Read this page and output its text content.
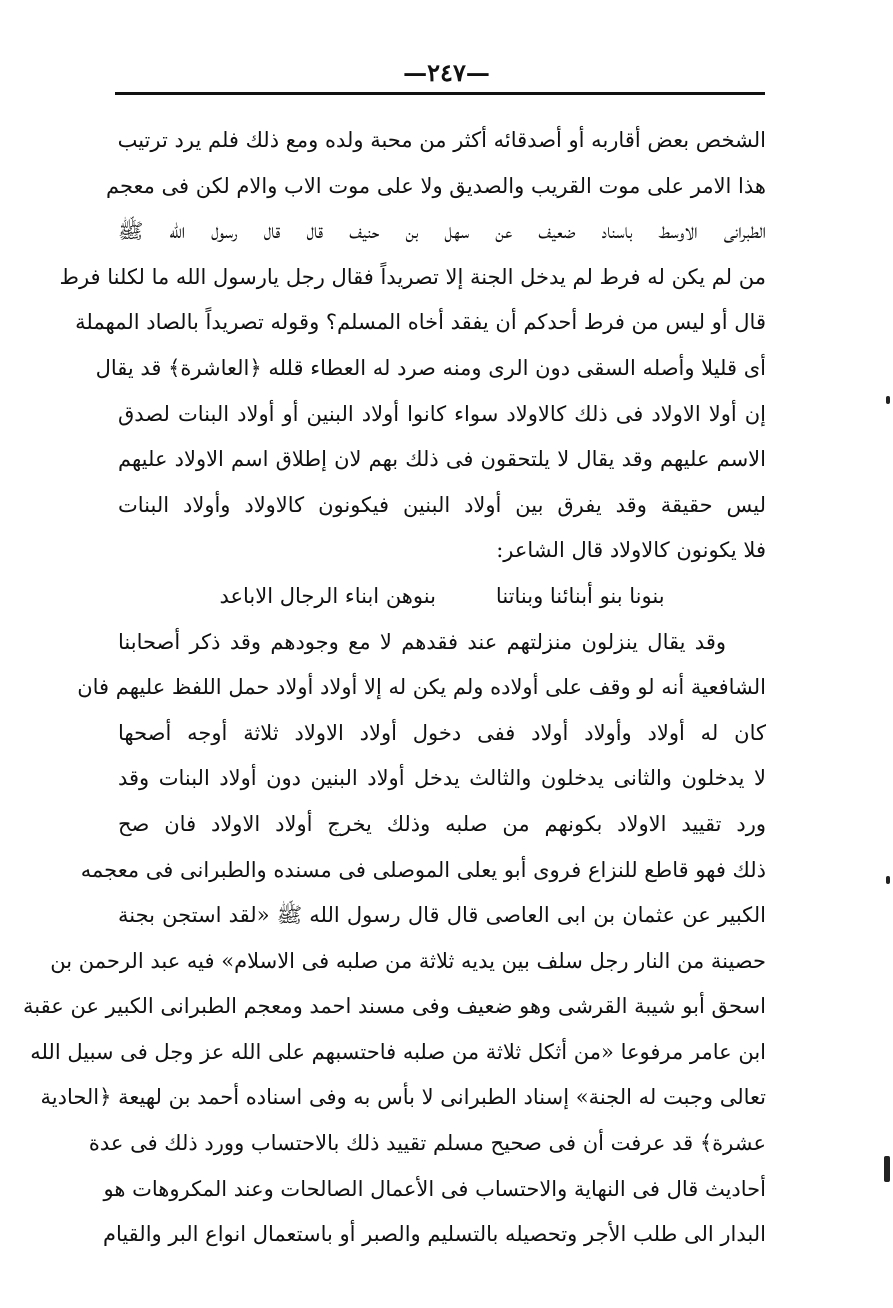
—٢٤٧—
الشخص بعض أقاربه أو أصدقائه أكثر من محبة ولده ومع ذلك فلم يرد ترتيب
هذا الامر على موت القريب والصديق ولا على موت الاب والام لكن فى معجم
الطبرانى الاوسط باسناد ضعيف عن سهل بن حنيف قال قال رسول الله ﷺ
من لم يكن له فرط لم يدخل الجنة إلا تصريداً فقال رجل يارسول الله ما لكلنا فرط
قال أو ليس من فرط أحدكم أن يفقد أخاه المسلم؟ وقوله تصريداً بالصاد المهملة
أى قليلا وأصله السقى دون الرى ومنه صرد له العطاء قلله ﴿العاشرة﴾ قد يقال
إن أولا الاولاد فى ذلك كالاولاد سواء كانوا أولاد البنين أو أولاد البنات لصدق
الاسم عليهم وقد يقال لا يلتحقون فى ذلك بهم لان إطلاق اسم الاولاد عليهم
ليس حقيقة وقد يفرق بين أولاد البنين فيكونون كالاولاد وأولاد البنات
فلا يكونون كالاولاد قال الشاعر:
بنونا بنو أبنائنا وبناتنا
بنوهن ابناء الرجال الاباعد
وقد يقال ينزلون منزلتهم عند فقدهم لا مع وجودهم وقد ذكر أصحابنا
الشافعية أنه لو وقف على أولاده ولم يكن له إلا أولاد أولاد حمل اللفظ عليهم فان
كان له أولاد وأولاد أولاد ففى دخول أولاد الاولاد ثلاثة أوجه أصحها
لا يدخلون والثانى يدخلون والثالث يدخل أولاد البنين دون أولاد البنات وقد
ورد تقييد الاولاد بكونهم من صلبه وذلك يخرج أولاد الاولاد فان صح
ذلك فهو قاطع للنزاع فروى أبو يعلى الموصلى فى مسنده والطبرانى فى معجمه
الكبير عن عثمان بن ابى العاصى قال قال رسول الله ﷺ «لقد استجن بجنة
حصينة من النار رجل سلف بين يديه ثلاثة من صلبه فى الاسلام» فيه عبد الرحمن بن
اسحق أبو شيبة القرشى وهو ضعيف وفى مسند احمد ومعجم الطبرانى الكبير عن عقبة
ابن عامر مرفوعا «من أثكل ثلاثة من صلبه فاحتسبهم على الله عز وجل فى سبيل الله
تعالى وجبت له الجنة» إسناد الطبرانى لا بأس به وفى اسناده أحمد بن لهيعة ﴿الحادية
عشرة﴾ قد عرفت أن فى صحيح مسلم تقييد ذلك بالاحتساب وورد ذلك فى عدة
أحاديث قال فى النهاية والاحتساب فى الأعمال الصالحات وعند المكروهات هو
البدار الى طلب الأجر وتحصيله بالتسليم والصبر أو باستعمال انواع البر والقيام
